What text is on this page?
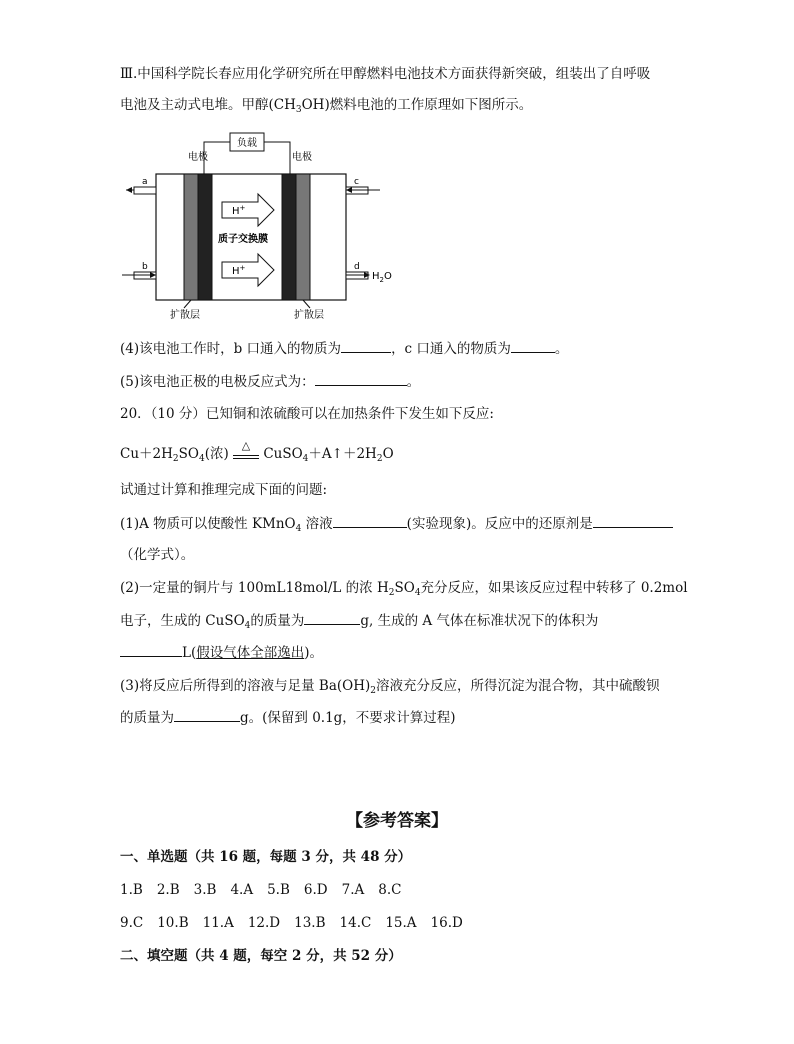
Ⅲ.中国科学院长春应用化学研究所在甲醇燃料电池技术方面获得新突破，组装出了自呼吸
电池及主动式电堆。甲醇$(CH_3OH)$燃料电池的工作原理如下图所示。
负载
电极	电极
H+
质子交换膜
H+
a
b
c
d
$H_2O$
扩散层	扩散层
(4)该电池工作时，b 口通入的物质为	，c 口通入的物质为	。
(5)该电池正极的电极反应式为：	。
20．（10 分）已知铜和浓硫酸可以在加热条件下发生如下反应:
$Cu+2H_2SO_4$(浓)
△
$CuSO_4+A↑+2H_2O$
试通过计算和推理完成下面的问题:
(1)A 物质可以使酸性 KMnO$_4$ 溶液	(实验现象)。反应中的还原剂是
（化学式）。
(2)一定量的铜片与 100mL18mol/L 的浓 $H_2SO_4$充分反应，如果该反应过程中转移了 0.2mol
电子，生成的 CuSO$_4$的质量为	g, 生成的 A 气体在标准状况下的体积为
L(假设气体全部逸出)。
(3)将反应后所得到的溶液与足量 $Ba(OH)_2$溶液充分反应，所得沉淀为混合物，其中硫酸钡
的质量为	g。(保留到 0.1g，不要求计算过程)
【参考答案】
一、单选题（共 16 题，每题 3 分，共 48 分）
1.B 2.B 3.B 4.A 5.B 6.D 7.A 8.C
9.C 10.B 11.A 12.D 13.B 14.C 15.A 16.D
二、填空题（共 4 题，每空 2 分，共 52 分）
